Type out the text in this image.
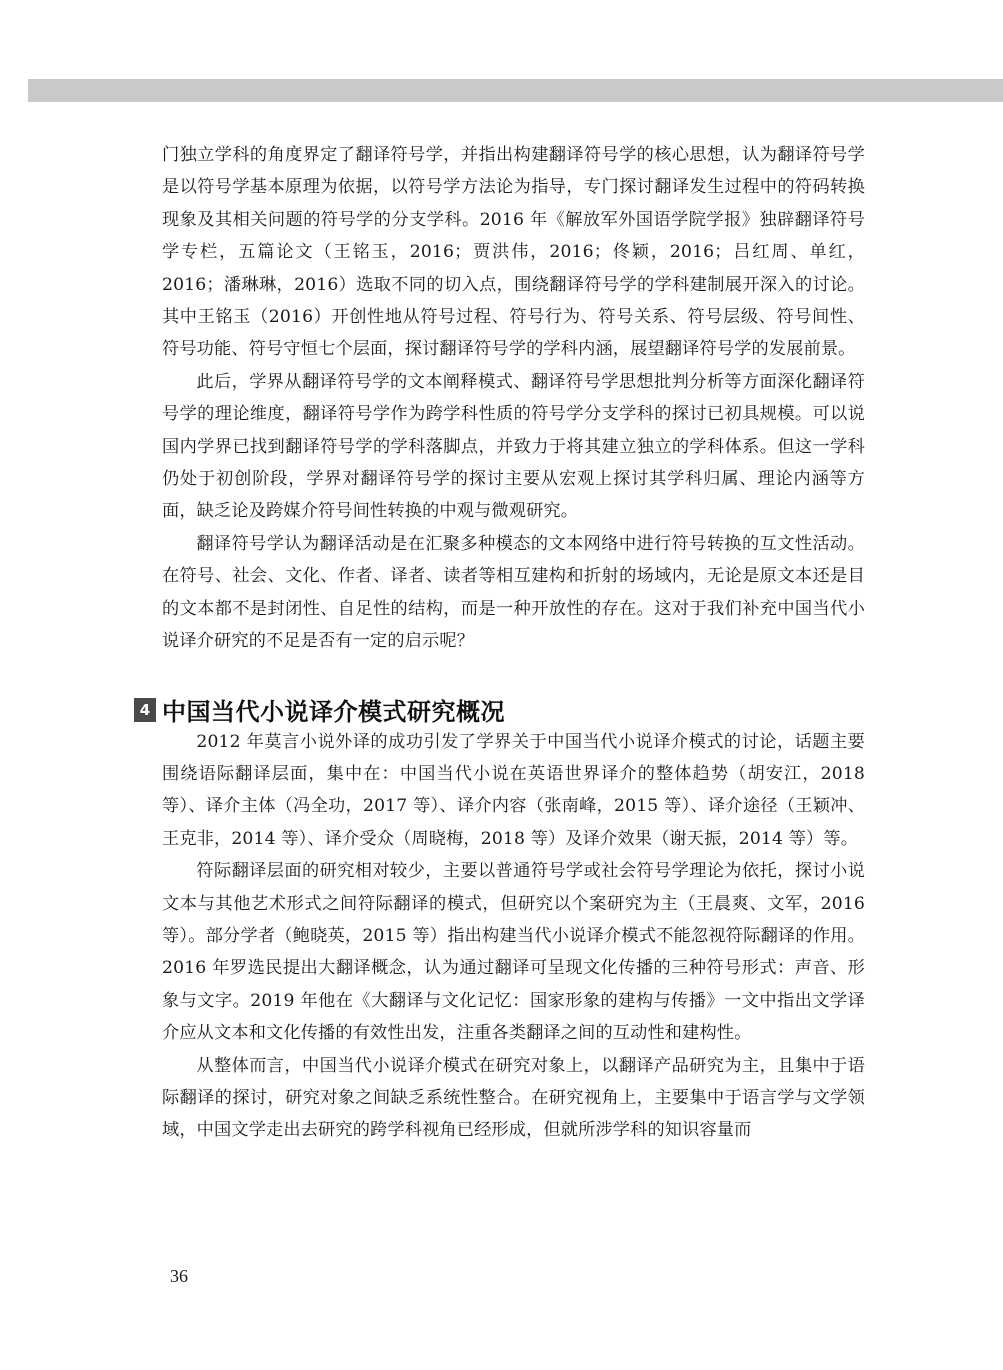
门独立学科的角度界定了翻译符号学，并指出构建翻译符号学的核心思想，认为翻译符号学是以符号学基本原理为依据，以符号学方法论为指导，专门探讨翻译发生过程中的符码转换现象及其相关问题的符号学的分支学科。2016 年《解放军外国语学院学报》独辟翻译符号学专栏，五篇论文（王铭玉，2016；贾洪伟，2016；佟颖，2016；吕红周、单红，2016；潘琳琳，2016）选取不同的切入点，围绕翻译符号学的学科建制展开深入的讨论。其中王铭玉（2016）开创性地从符号过程、符号行为、符号关系、符号层级、符号间性、符号功能、符号守恒七个层面，探讨翻译符号学的学科内涵，展望翻译符号学的发展前景。

此后，学界从翻译符号学的文本阐释模式、翻译符号学思想批判分析等方面深化翻译符号学的理论维度，翻译符号学作为跨学科性质的符号学分支学科的探讨已初具规模。可以说国内学界已找到翻译符号学的学科落脚点，并致力于将其建立独立的学科体系。但这一学科仍处于初创阶段，学界对翻译符号学的探讨主要从宏观上探讨其学科归属、理论内涵等方面，缺乏论及跨媒介符号间性转换的中观与微观研究。

翻译符号学认为翻译活动是在汇聚多种模态的文本网络中进行符号转换的互文性活动。在符号、社会、文化、作者、译者、读者等相互建构和折射的场域内，无论是原文本还是目的文本都不是封闭性、自足性的结构，而是一种开放性的存在。这对于我们补充中国当代小说译介研究的不足是否有一定的启示呢？

4 中国当代小说译介模式研究概况

2012 年莫言小说外译的成功引发了学界关于中国当代小说译介模式的讨论，话题主要围绕语际翻译层面，集中在：中国当代小说在英语世界译介的整体趋势（胡安江，2018 等）、译介主体（冯全功，2017 等）、译介内容（张南峰，2015 等）、译介途径（王颖冲、王克非，2014 等）、译介受众（周晓梅，2018 等）及译介效果（谢天振，2014 等）等。

符际翻译层面的研究相对较少，主要以普通符号学或社会符号学理论为依托，探讨小说文本与其他艺术形式之间符际翻译的模式，但研究以个案研究为主（王晨爽、文军，2016 等）。部分学者（鲍晓英，2015 等）指出构建当代小说译介模式不能忽视符际翻译的作用。2016 年罗选民提出大翻译概念，认为通过翻译可呈现文化传播的三种符号形式：声音、形象与文字。2019 年他在《大翻译与文化记忆：国家形象的建构与传播》一文中指出文学译介应从文本和文化传播的有效性出发，注重各类翻译之间的互动性和建构性。

从整体而言，中国当代小说译介模式在研究对象上，以翻译产品研究为主，且集中于语际翻译的探讨，研究对象之间缺乏系统性整合。在研究视角上，主要集中于语言学与文学领域，中国文学走出去研究的跨学科视角已经形成，但就所涉学科的知识容量而

36
